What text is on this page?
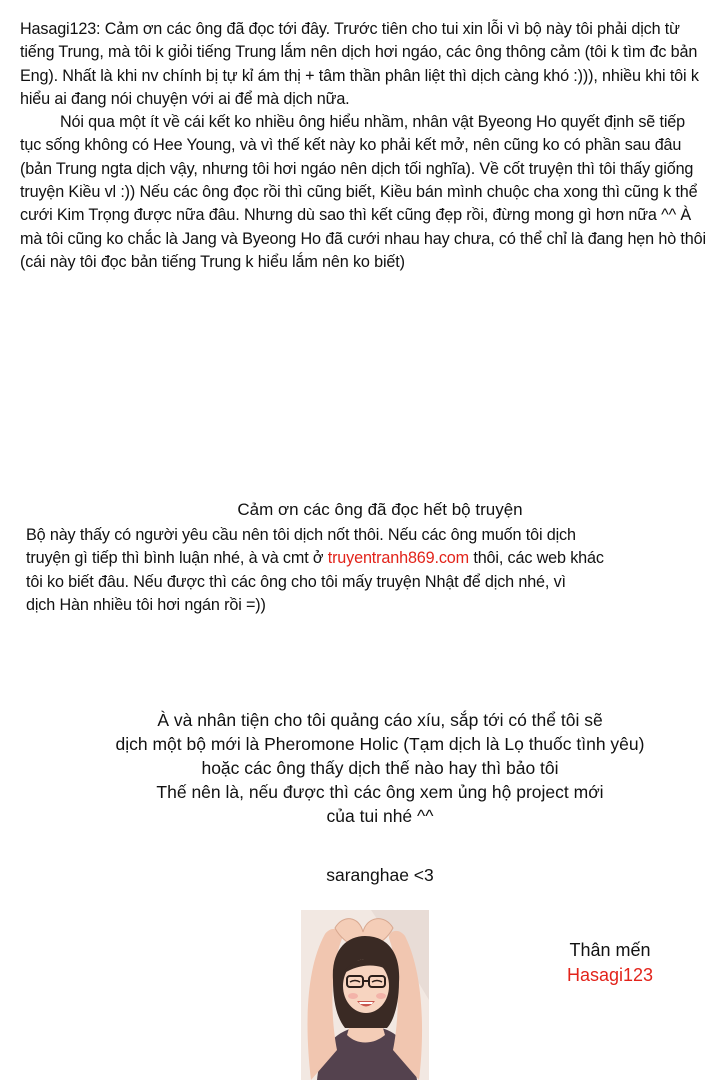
Hasagi123: Cảm ơn các ông đã đọc tới đây. Trước tiên cho tui xin lỗi vì bộ này tôi phải dịch từ tiếng Trung, mà tôi k giỏi tiếng Trung lắm nên dịch hơi ngáo, các ông thông cảm (tôi k tìm đc bản Eng). Nhất là khi nv chính bị tự kỉ ám thị + tâm thần phân liệt thì dịch càng khó :))), nhiều khi tôi k hiểu ai đang nói chuyện với ai để mà dịch nữa.
Nói qua một ít về cái kết ko nhiều ông hiểu nhầm, nhân vật Byeong Ho quyết định sẽ tiếp tục sống không có Hee Young, và vì thế kết này ko phải kết mở, nên cũng ko có phần sau đâu (bản Trung ngta dịch vậy, nhưng tôi hơi ngáo nên dịch tối nghĩa). Về cốt truyện thì tôi thấy giống truyện Kiều vl :)) Nếu các ông đọc rồi thì cũng biết, Kiều bán mình chuộc cha xong thì cũng k thể cưới Kim Trọng được nữa đâu. Nhưng dù sao thì kết cũng đẹp rồi, đừng mong gì hơn nữa ^^ À mà tôi cũng ko chắc là Jang và Byeong Ho đã cưới nhau hay chưa, có thể chỉ là đang hẹn hò thôi (cái này tôi đọc bản tiếng Trung k hiểu lắm nên ko biết)
Cảm ơn các ông đã đọc hết bộ truyện
Bộ này thấy có người yêu cầu nên tôi dịch nốt thôi. Nếu các ông muốn tôi dịch
truyện gì tiếp thì bình luận nhé, à và cmt ở truyentranh869.com thôi, các web khác
tôi ko biết đâu. Nếu được thì các ông cho tôi mấy truyện Nhật để dịch nhé, vì
dịch Hàn nhiều tôi hơi ngán rồi =))
À và nhân tiện cho tôi quảng cáo xíu, sắp tới có thể tôi sẽ
dịch một bộ mới là Pheromone Holic (Tạm dịch là Lọ thuốc tình yêu)
hoặc các ông thấy dịch thế nào hay thì bảo tôi
Thế nên là, nếu được thì các ông xem ủng hộ project mới
của tui nhé ^^
saranghae <3
Thân mến
Hasagi123
